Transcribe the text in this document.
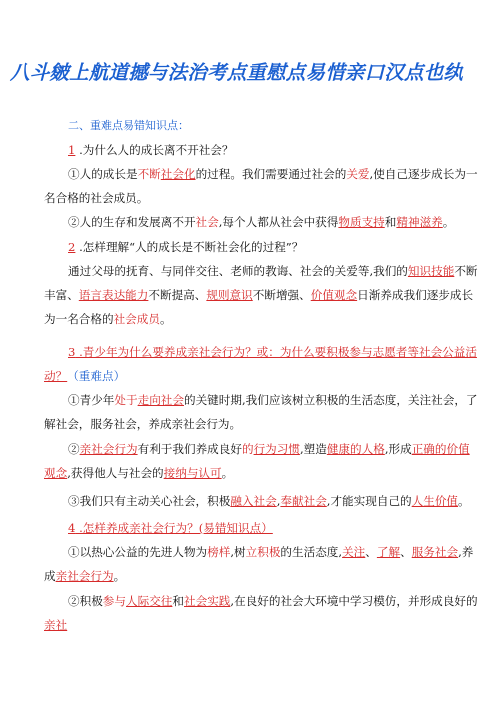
八斗皴上航道撼与法治考点重慰点易惜亲口汉点也纨

二、重难点易错知识点：

1 .为什么人的成长离不开社会？

①人的成长是不断社会化的过程。我们需要通过社会的关爱,使自己逐步成长为一名合格的社会成员。

②人的生存和发展离不开社会,每个人都从社会中获得物质支持和精神滋养。

2 .怎样理解“人的成长是不断社会化的过程”？

通过父母的抚育、与同伴交往、老师的教诲、社会的关爱等,我们的知识技能不断丰富、语言表达能力不断提高、规则意识不断增强、价值观念日渐养成我们逐步成长为一名合格的社会成员。

3 .青少年为什么要养成亲社会行为？或：为什么要积极参与志愿者等社会公益活动？（重难点）

①青少年处于走向社会的关键时期,我们应该树立积极的生活态度，关注社会，了解社会，服务社会，养成亲社会行为。

②亲社会行为有利于我们养成良好的行为习惯,塑造健康的人格,形成正确的价值观念,获得他人与社会的接纳与认可。

③我们只有主动关心社会，积极融入社会,奉献社会,才能实现自己的人生价值。

4 .怎样养成亲社会行为？(易错知识点）

①以热心公益的先进人物为榜样,树立积极的生活态度,关注、了解、服务社会,养成亲社会行为。

②积极参与人际交往和社会实践,在良好的社会大环境中学习模仿，并形成良好的亲社
